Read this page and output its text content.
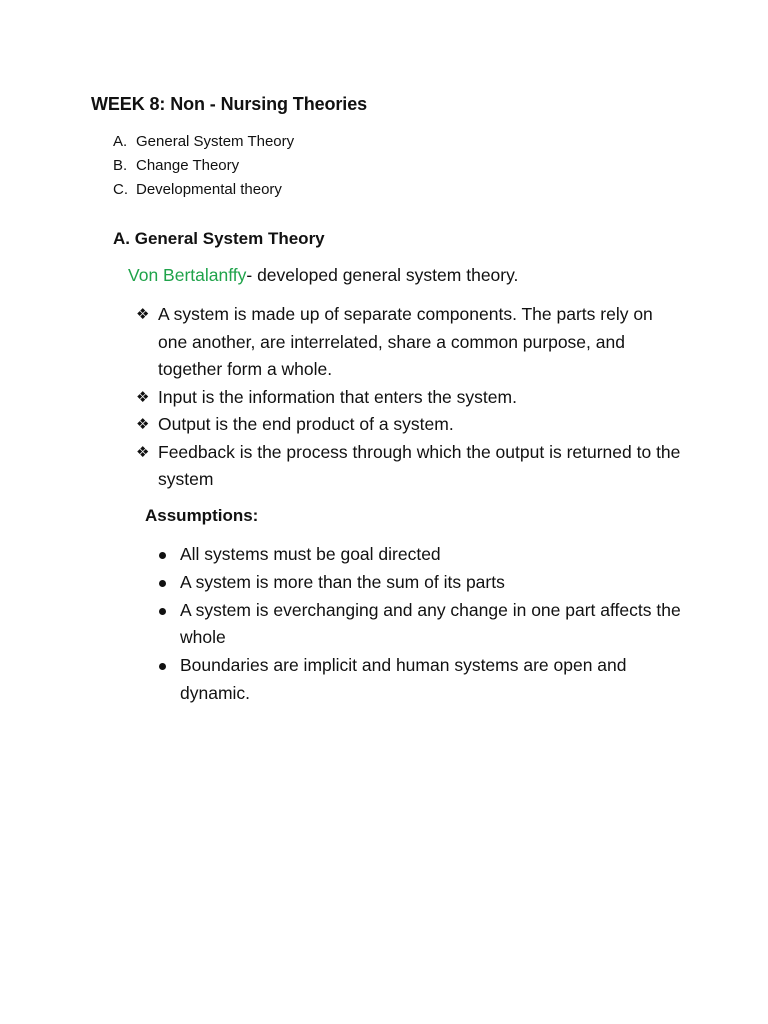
WEEK 8: Non - Nursing Theories
A. General System Theory
B. Change Theory
C. Developmental theory
A. General System Theory
Von Bertalanffy- developed general system theory.
❖ A system is made up of separate components. The parts rely on one another, are interrelated, share a common purpose, and together form a whole.
❖ Input is the information that enters the system.
❖ Output is the end product of a system.
❖ Feedback is the process through which the output is returned to the system
Assumptions:
All systems must be goal directed
A system is more than the sum of its parts
A system is everchanging and any change in one part affects the whole
Boundaries are implicit and human systems are open and dynamic.
